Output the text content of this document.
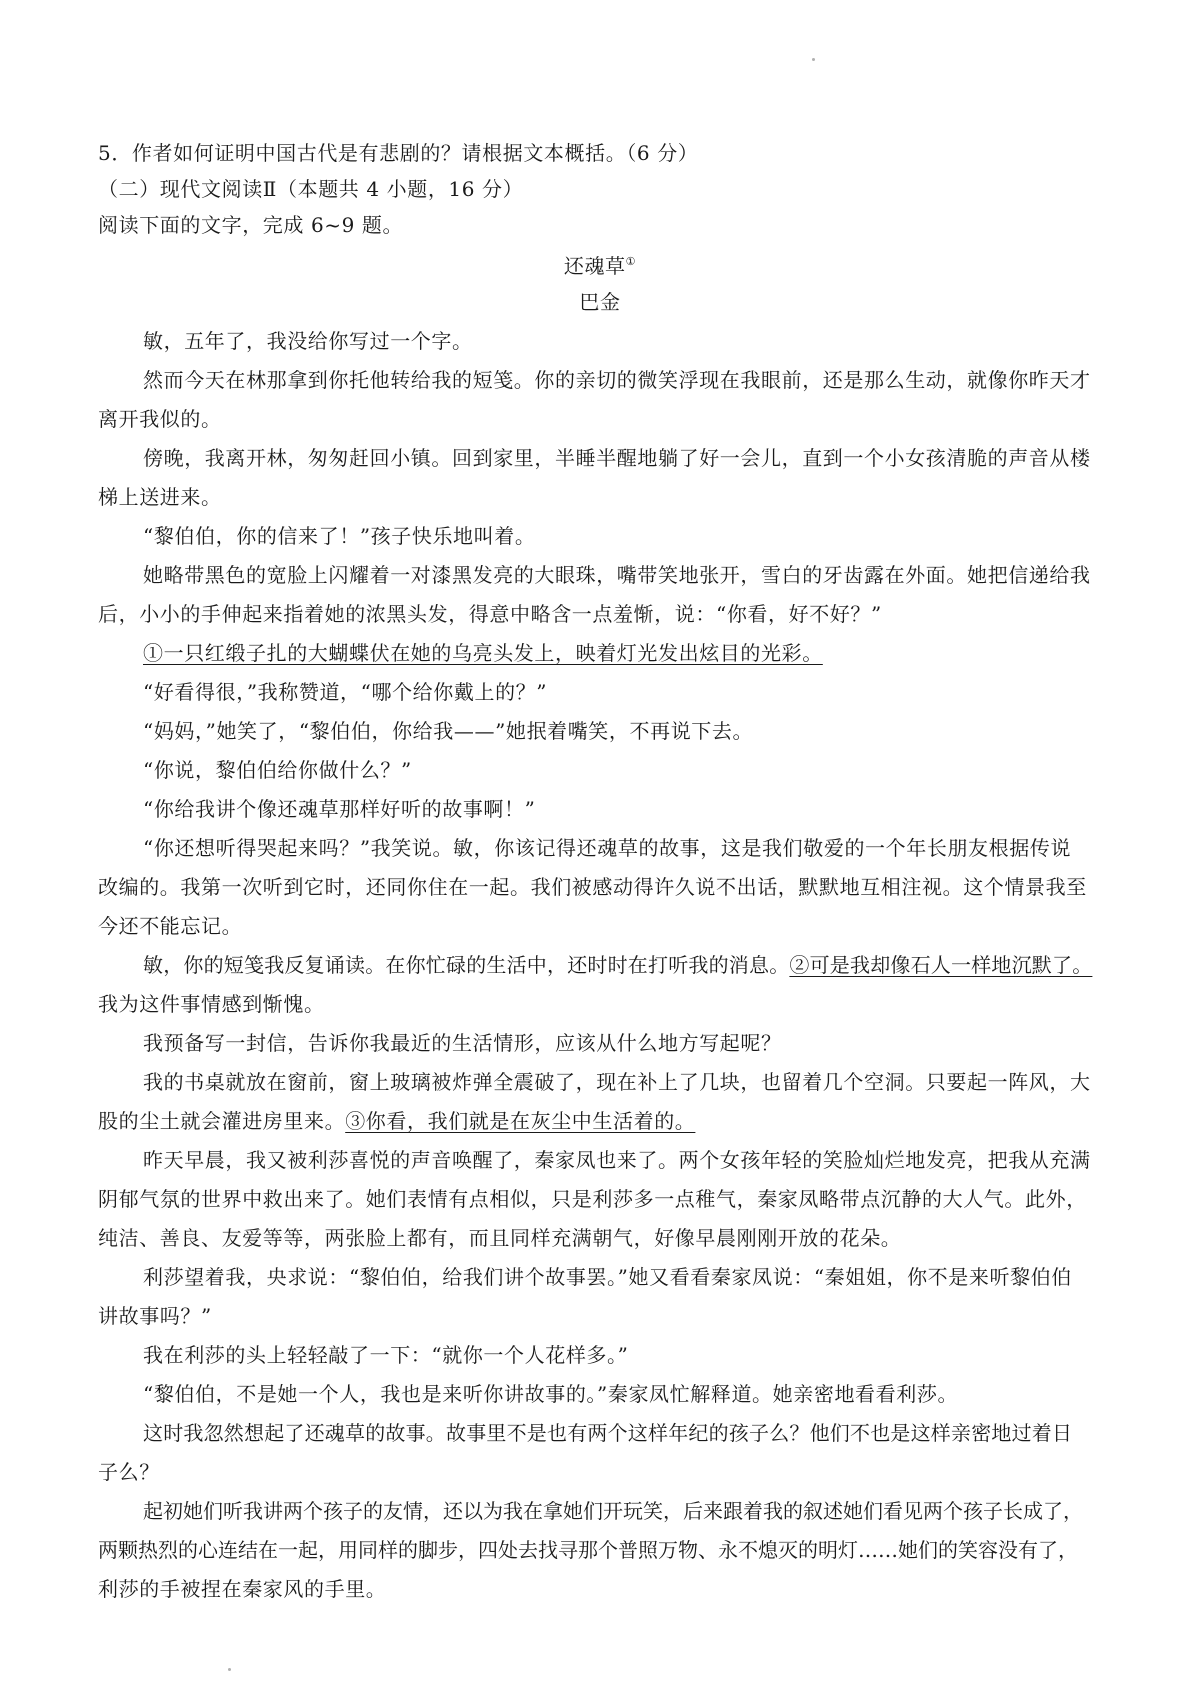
5．作者如何证明中国古代是有悲剧的？请根据文本概括。（6 分）
（二）现代文阅读Ⅱ（本题共 4 小题，16 分）
阅读下面的文字，完成 6~9 题。
还魂草①
巴金
敏，五年了，我没给你写过一个字。
然而今天在林那拿到你托他转给我的短笺。你的亲切的微笑浮现在我眼前，还是那么生动，就像你昨天才
离开我似的。
傍晚，我离开林，匆匆赶回小镇。回到家里，半睡半醒地躺了好一会儿，直到一个小女孩清脆的声音从楼
梯上送进来。
“黎伯伯，你的信来了！”孩子快乐地叫着。
她略带黑色的宽脸上闪耀着一对漆黑发亮的大眼珠，嘴带笑地张开，雪白的牙齿露在外面。她把信递给我
后，小小的手伸起来指着她的浓黑头发，得意中略含一点羞惭，说：“你看，好不好？”
①一只红缎子扎的大蝴蝶伏在她的乌亮头发上，映着灯光发出炫目的光彩。
“好看得很，”我称赞道，“哪个给你戴上的？”
“妈妈，”她笑了，“黎伯伯，你给我——”她抿着嘴笑，不再说下去。
“你说，黎伯伯给你做什么？”
“你给我讲个像还魂草那样好听的故事啊！”
“你还想听得哭起来吗？”我笑说。敏，你该记得还魂草的故事，这是我们敬爱的一个年长朋友根据传说
改编的。我第一次听到它时，还同你住在一起。我们被感动得许久说不出话，默默地互相注视。这个情景我至
今还不能忘记。
敏，你的短笺我反复诵读。在你忙碌的生活中，还时时在打听我的消息。②可是我却像石人一样地沉默了。
我为这件事情感到惭愧。
我预备写一封信，告诉你我最近的生活情形，应该从什么地方写起呢？
我的书桌就放在窗前，窗上玻璃被炸弹全震破了，现在补上了几块，也留着几个空洞。只要起一阵风，大
股的尘土就会灌进房里来。③你看，我们就是在灰尘中生活着的。
昨天早晨，我又被利莎喜悦的声音唤醒了，秦家凤也来了。两个女孩年轻的笑脸灿烂地发亮，把我从充满
阴郁气氛的世界中救出来了。她们表情有点相似，只是利莎多一点稚气，秦家凤略带点沉静的大人气。此外，
纯洁、善良、友爱等等，两张脸上都有，而且同样充满朝气，好像早晨刚刚开放的花朵。
利莎望着我，央求说：“黎伯伯，给我们讲个故事罢。”她又看看秦家凤说：“秦姐姐，你不是来听黎伯伯
讲故事吗？”
我在利莎的头上轻轻敲了一下：“就你一个人花样多。”
“黎伯伯，不是她一个人，我也是来听你讲故事的。”秦家凤忙解释道。她亲密地看看利莎。
这时我忽然想起了还魂草的故事。故事里不是也有两个这样年纪的孩子么？他们不也是这样亲密地过着日
子么？
起初她们听我讲两个孩子的友情，还以为我在拿她们开玩笑，后来跟着我的叙述她们看见两个孩子长成了，
两颗热烈的心连结在一起，用同样的脚步，四处去找寻那个普照万物、永不熄灭的明灯……她们的笑容没有了，
利莎的手被捏在秦家风的手里。
